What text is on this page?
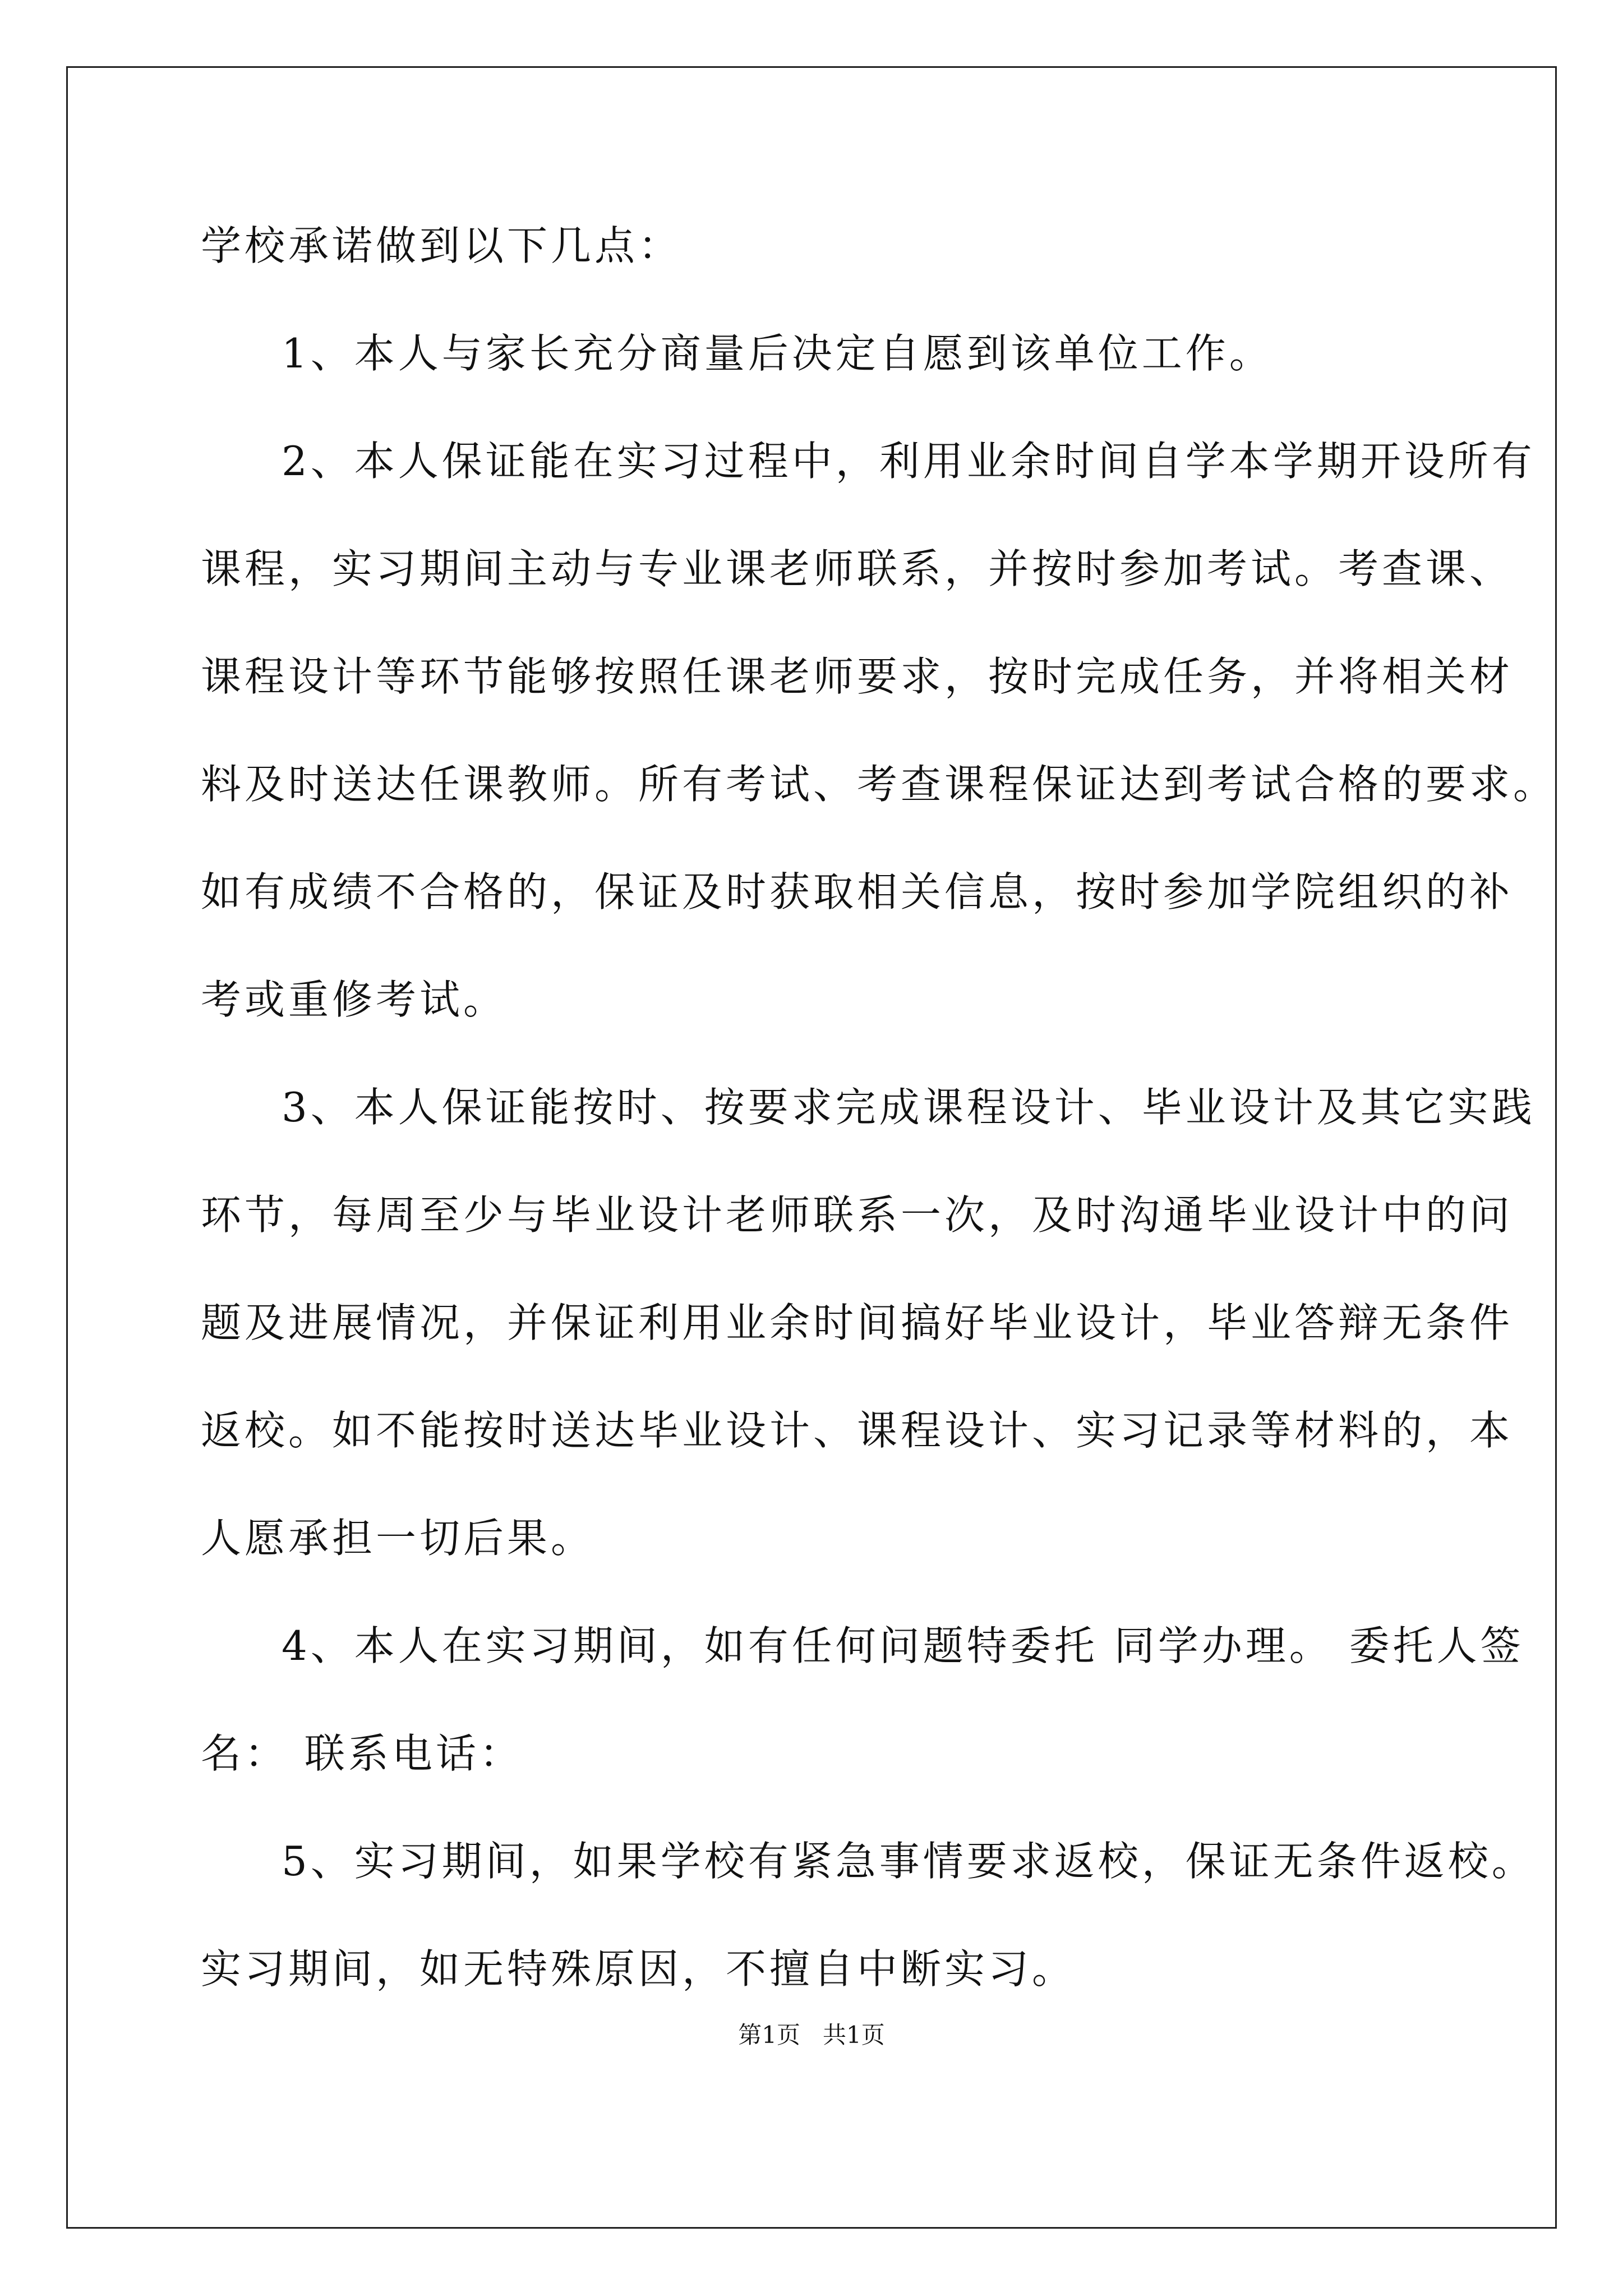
学校承诺做到以下几点：
1、本人与家长充分商量后决定自愿到该单位工作。
2、本人保证能在实习过程中，利用业余时间自学本学期开设所有
课程，实习期间主动与专业课老师联系，并按时参加考试。考查课、
课程设计等环节能够按照任课老师要求，按时完成任务，并将相关材
料及时送达任课教师。所有考试、考查课程保证达到考试合格的要求。
如有成绩不合格的，保证及时获取相关信息，按时参加学院组织的补
考或重修考试。
3、本人保证能按时、按要求完成课程设计、毕业设计及其它实践
环节，每周至少与毕业设计老师联系一次，及时沟通毕业设计中的问
题及进展情况，并保证利用业余时间搞好毕业设计，毕业答辩无条件
返校。如不能按时送达毕业设计、课程设计、实习记录等材料的，本
人愿承担一切后果。
4、本人在实习期间，如有任何问题特委托 同学办理。 委托人签
名： 联系电话：
5、实习期间，如果学校有紧急事情要求返校，保证无条件返校。
实习期间，如无特殊原因，不擅自中断实习。
第1页   共1页
